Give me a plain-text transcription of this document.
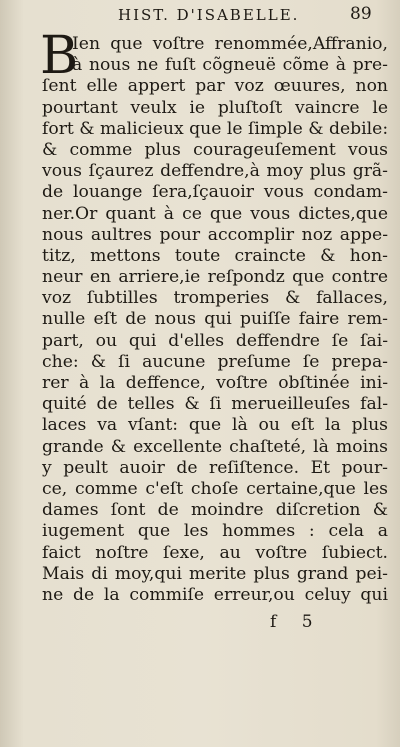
HIST. D'ISABELLE.	89
B
Ien que voſtre renommée,Affranio,
à nous ne fuſt cõgneuë cõme à pre-
ſent elle appert par voz œuures, non
pourtant veulx ie pluſtoſt vaincre le
fort & malicieux que le ſimple & debile:
& comme plus courageuſement vous
vous ſçaurez deffendre,à moy plus grã-
de louange ſera,ſçauoir vous condam-
ner.Or quant à ce que vous dictes,que
nous aultres pour accomplir noz appe-
titz, mettons toute craincte & hon-
neur en arriere,ie reſpondz que contre
voz ſubtilles tromperies & fallaces,
nulle eſt de nous qui puiſſe faire rem-
part, ou qui d'elles deffendre ſe ſai-
che: & ſi aucune preſume ſe prepa-
rer à la deffence, voſtre obſtinée ini-
quité de telles & ſi merueilleuſes fal-
laces va vſant: que là ou eſt la plus
grande & excellente chaſteté, là moins
y peult auoir de reſiſtence. Et pour-
ce, comme c'eſt choſe certaine,que les
dames ſont de moindre diſcretion &
iugement que les hommes : cela a
faict noſtre ſexe, au voſtre ſubiect.
Mais di moy,qui merite plus grand pei-
ne de la commiſe erreur,ou celuy qui
f 5
